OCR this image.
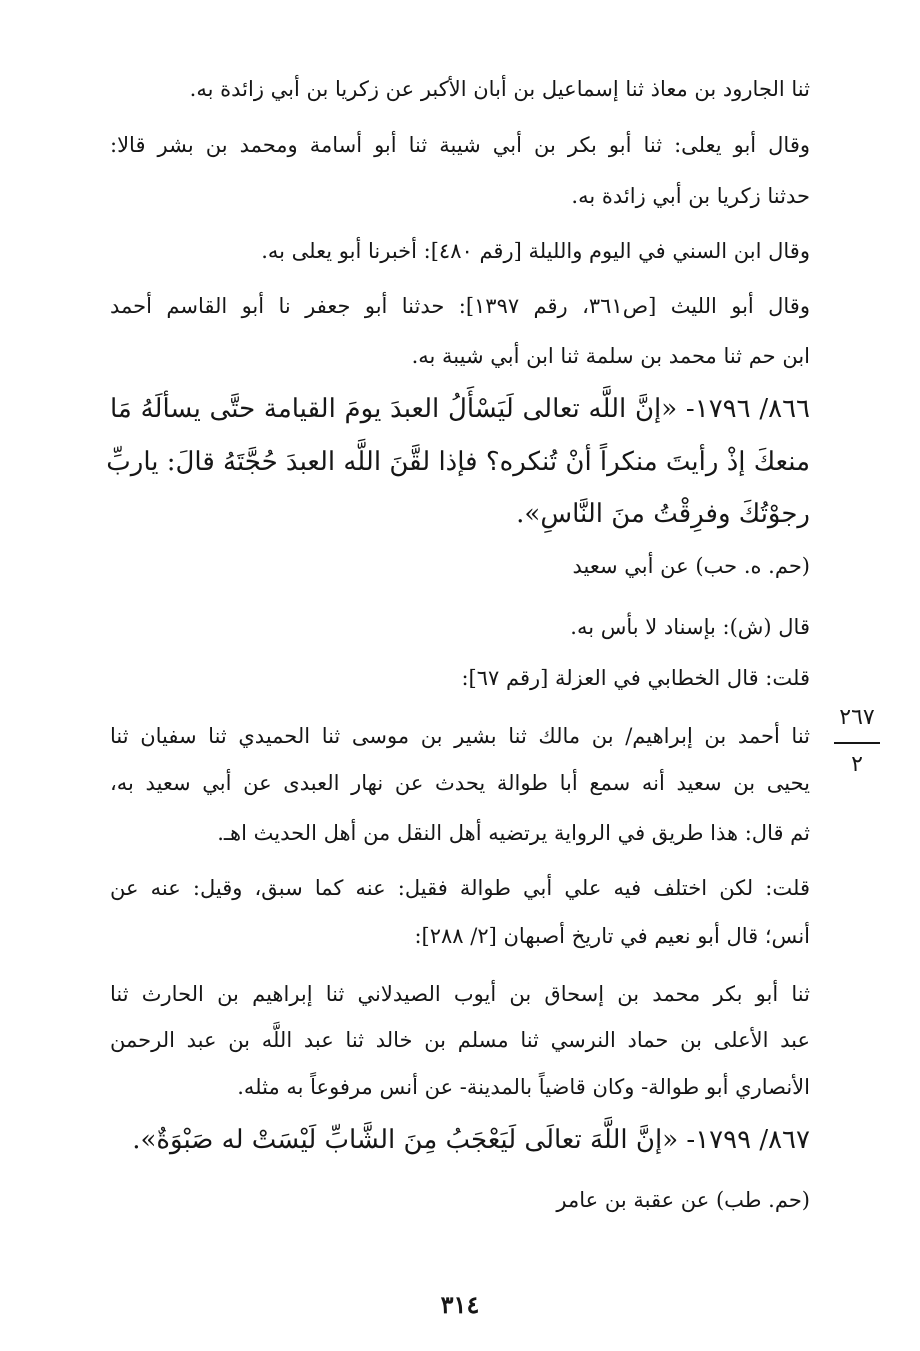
ثنا الجارود بن معاذ ثنا إسماعيل بن أبان الأكبر عن زكريا بن أبي زائدة به.
وقال أبو يعلى: ثنا أبو بكر بن أبي شيبة ثنا أبو أسامة ومحمد بن بشر قالا:
حدثنا زكريا بن أبي زائدة به.
وقال ابن السني في اليوم والليلة [رقم ٤٨٠]: أخبرنا أبو يعلى به.
وقال أبو الليث [ص٣٦١، رقم ١٣٩٧]: حدثنا أبو جعفر نا أبو القاسم أحمد
ابن حم ثنا محمد بن سلمة ثنا ابن أبي شيبة به.
٨٦٦/ ١٧٩٦- «إنَّ اللَّه تعالى لَيَسْأَلُ العبدَ يومَ القيامة حتَّى يسألَهُ مَا
منعكَ إذْ رأيتَ منكراً أنْ تُنكره؟ فإذا لقَّنَ اللَّه العبدَ حُجَّتَهُ قالَ: ياربِّ
رجوْتُكَ وفرِقْتُ منَ النَّاسِ».
(حم. ه. حب) عن أبي سعيد
قال (ش): بإسناد لا بأس به.
قلت: قال الخطابي في العزلة [رقم ٦٧]:
ثنا أحمد بن إبراهيم/ بن مالك ثنا بشير بن موسى ثنا الحميدي ثنا سفيان ثنا
يحيى بن سعيد أنه سمع أبا طوالة يحدث عن نهار العبدى عن أبي سعيد به،
ثم قال: هذا طريق في الرواية يرتضيه أهل النقل من أهل الحديث اهـ.
قلت: لكن اختلف فيه علي أبي طوالة فقيل: عنه كما سبق، وقيل: عنه عن
أنس؛ قال أبو نعيم في تاريخ أصبهان [٢/ ٢٨٨]:
ثنا أبو بكر محمد بن إسحاق بن أيوب الصيدلاني ثنا إبراهيم بن الحارث ثنا
عبد الأعلى بن حماد النرسي ثنا مسلم بن خالد ثنا عبد اللَّه بن عبد الرحمن
الأنصاري أبو طوالة- وكان قاضياً بالمدينة- عن أنس مرفوعاً به مثله.
٨٦٧/ ١٧٩٩- «إنَّ اللَّهَ تعالَى لَيَعْجَبُ مِنَ الشَّابِّ لَيْسَتْ له صَبْوَةٌ».
(حم. طب) عن عقبة بن عامر
٢٦٧
٢
٣١٤
